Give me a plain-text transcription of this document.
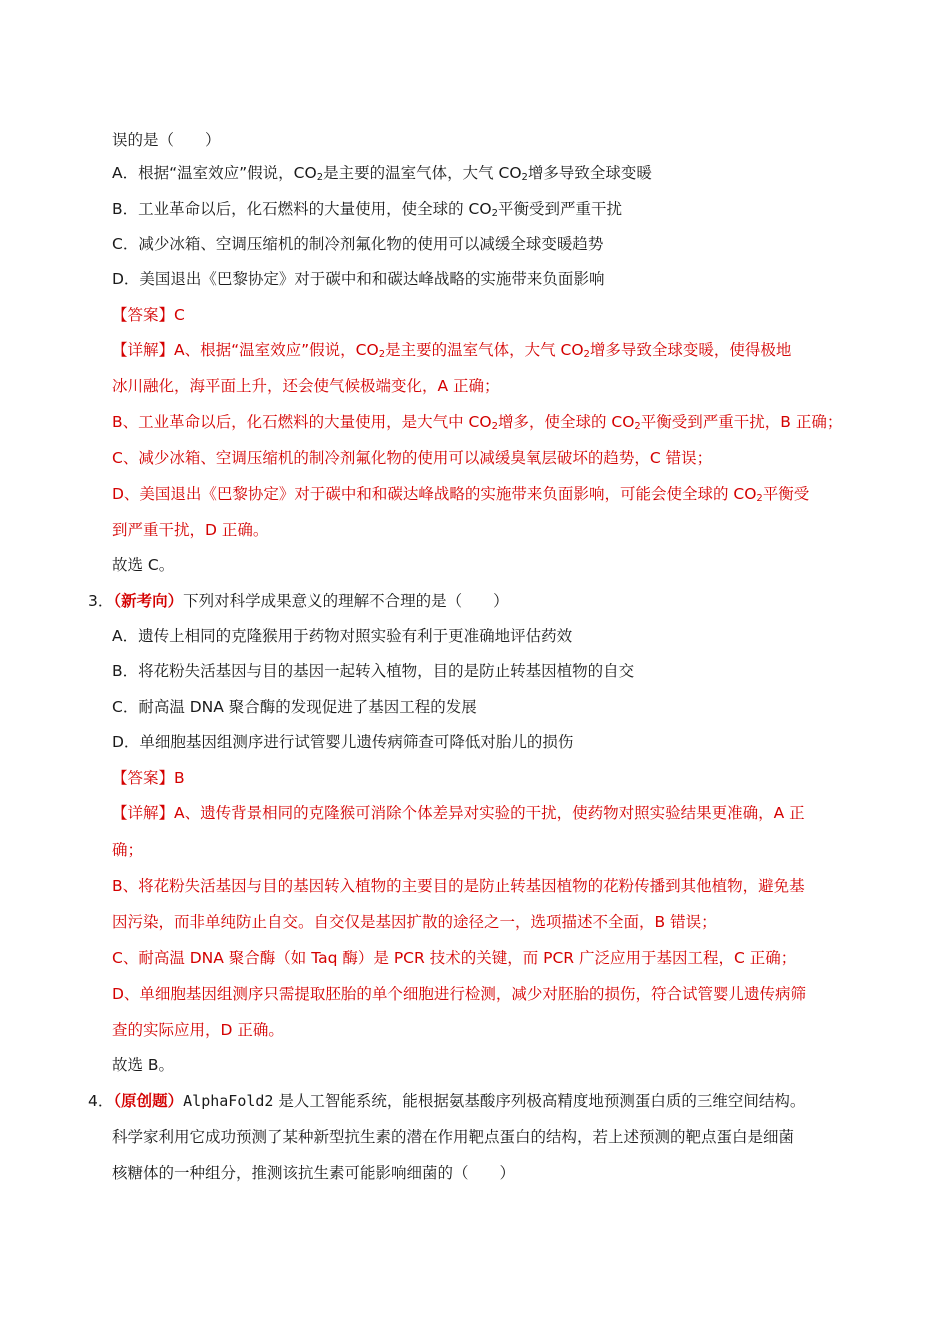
误的是（　　）
A．根据“温室效应”假说，$CO_2$是主要的温室气体，大气 $CO_2$增多导致全球变暖
B．工业革命以后，化石燃料的大量使用，使全球的 $CO_2$平衡受到严重干扰
C．减少冰箱、空调压缩机的制冷剂氟化物的使用可以减缓全球变暖趋势
D．美国退出《巴黎协定》对于碳中和和碳达峰战略的实施带来负面影响
【答案】C
【详解】A、根据“温室效应”假说，$CO_2$是主要的温室气体，大气 $CO_2$增多导致全球变暖，使得极地
冰川融化，海平面上升，还会使气候极端变化，A 正确；
B、工业革命以后，化石燃料的大量使用，是大气中 $CO_2$增多，使全球的 $CO_2$平衡受到严重干扰，B 正确；
C、减少冰箱、空调压缩机的制冷剂氟化物的使用可以减缓臭氧层破坏的趋势，C 错误；
D、美国退出《巴黎协定》对于碳中和和碳达峰战略的实施带来负面影响，可能会使全球的 $CO_2$平衡受
到严重干扰，D 正确。
故选 C。
3．（新考向）下列对科学成果意义的理解不合理的是（　　）
A．遗传上相同的克隆猴用于药物对照实验有利于更准确地评估药效
B．将花粉失活基因与目的基因一起转入植物，目的是防止转基因植物的自交
C．耐高温 DNA 聚合酶的发现促进了基因工程的发展
D．单细胞基因组测序进行试管婴儿遗传病筛查可降低对胎儿的损伤
【答案】B
【详解】A、遗传背景相同的克隆猴可消除个体差异对实验的干扰，使药物对照实验结果更准确，A 正
确；
B、将花粉失活基因与目的基因转入植物的主要目的是防止转基因植物的花粉传播到其他植物，避免基
因污染，而非单纯防止自交。自交仅是基因扩散的途径之一，选项描述不全面，B 错误；
C、耐高温 DNA 聚合酶（如 Taq 酶）是 PCR 技术的关键，而 PCR 广泛应用于基因工程，C 正确；
D、单细胞基因组测序只需提取胚胎的单个细胞进行检测，减少对胚胎的损伤，符合试管婴儿遗传病筛
查的实际应用，D 正确。
故选 B。
4．（原创题）AlphaFold2 是人工智能系统，能根据氨基酸序列极高精度地预测蛋白质的三维空间结构。
科学家利用它成功预测了某种新型抗生素的潜在作用靶点蛋白的结构，若上述预测的靶点蛋白是细菌
核糖体的一种组分，推测该抗生素可能影响细菌的（　　）
